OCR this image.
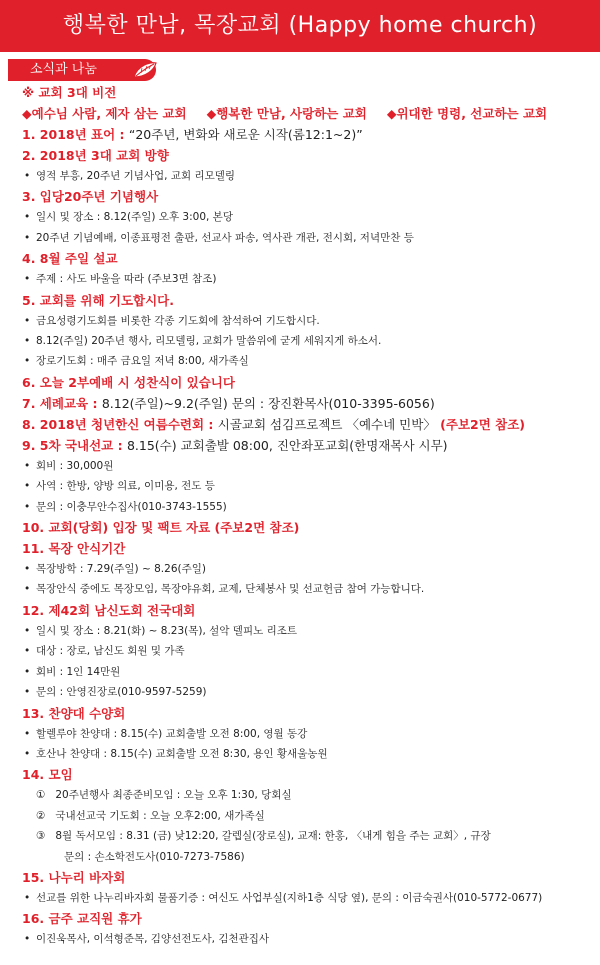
행복한 만남, 목장교회 (Happy home church)
소식과 나눔
※ 교회 3대 비전
◆예수님 사람, 제자 삼는 교회 ◆행복한 만남, 사랑하는 교회 ◆위대한 명령, 선교하는 교회
1. 2018년 표어 : “20주년, 변화와 새로운 시작(롬12:1~2)”
2. 2018년 3대 교회 방향
• 영적 부흥, 20주년 기념사업, 교회 리모델링
3. 입당20주년 기념행사
• 일시 및 장소 : 8.12(주일) 오후 3:00, 본당
• 20주년 기념예배, 이종표평전 출판, 선교사 파송, 역사관 개관, 전시회, 저녁만찬 등
4. 8월 주일 설교
• 주제 : 사도 바울을 따라 (주보3면 참조)
5. 교회를 위해 기도합시다.
• 금요성령기도회를 비롯한 각종 기도회에 참석하여 기도합시다.
• 8.12(주일) 20주년 행사, 리모델링, 교회가 말씀위에 굳게 세워지게 하소서.
• 장로기도회 : 매주 금요일 저녁 8:00, 새가족실
6. 오늘 2부예배 시 성찬식이 있습니다
7. 세례교육 : 8.12(주일)~9.2(주일) 문의 : 장진환목사(010-3395-6056)
8. 2018년 청년한신 여름수련회 : 시골교회 섬김프로젝트 〈예수네 민박〉 (주보2면 참조)
9. 5차 국내선교 : 8.15(수) 교회출발 08:00, 진안좌포교회(한명재목사 시무)
• 회비 : 30,000원
• 사역 : 한방, 양방 의료, 이미용, 전도 등
• 문의 : 이충무안수집사(010-3743-1555)
10. 교회(당회) 입장 및 팩트 자료 (주보2면 참조)
11. 목장 안식기간
• 목장방학 : 7.29(주일) ~ 8.26(주일)
• 목장안식 중에도 목장모임, 목장야유회, 교제, 단체봉사 및 선교헌금 참여 가능합니다.
12. 제42회 남신도회 전국대회
• 일시 및 장소 : 8.21(화) ~ 8.23(목), 설악 델피노 리조트
• 대상 : 장로, 남신도 회원 및 가족
• 회비 : 1인 14만원
• 문의 : 안영진장로(010-9597-5259)
13. 찬양대 수양회
• 할렐루야 찬양대 : 8.15(수) 교회출발 오전 8:00, 영월 동강
• 호산나 찬양대 : 8.15(수) 교회출발 오전 8:30, 용인 황새울농원
14. 모임
① 20주년행사 최종준비모임 : 오늘 오후 1:30, 당회실
② 국내선교국 기도회 : 오늘 오후2:00, 새가족실
③ 8월 독서모임 : 8.31 (금) 낮12:20, 갈렙실(장로실), 교재: 한홍, 〈내게 힘을 주는 교회〉, 규장
문의 : 손소학전도사(010-7273-7586)
15. 나누리 바자회
• 선교를 위한 나누리바자회 물품기증 : 여신도 사업부실(지하1층 식당 옆), 문의 : 이금숙권사(010-5772-0677)
16. 금주 교직원 휴가
• 이진욱목사, 이석형준목, 김양선전도사, 김천관집사
